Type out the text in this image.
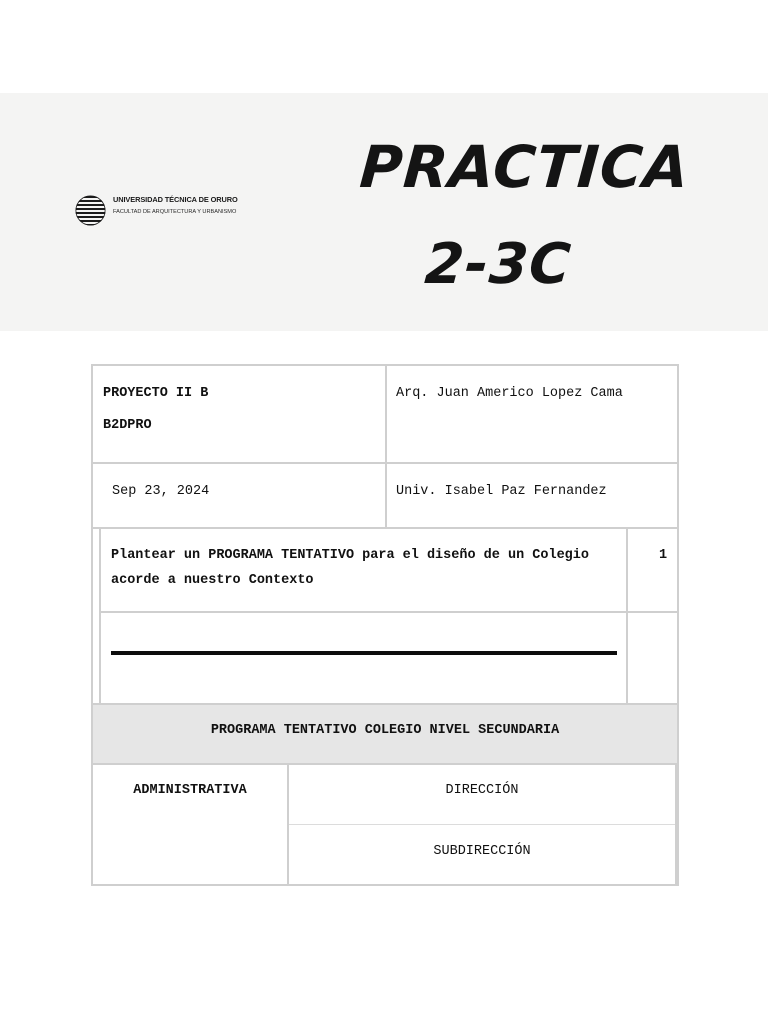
UNIVERSIDAD TÉCNICA DE ORURO
FACULTAD DE ARQUITECTURA Y URBANISMO
PRACTICA
2-3C
PROYECTO II B
B2DPRO
Arq. Juan Americo Lopez Cama
Sep 23, 2024	Univ. Isabel Paz Fernandez
Plantear un PROGRAMA TENTATIVO para el diseño de un Colegio acorde a nuestro Contexto
1
PROGRAMA TENTATIVO COLEGIO NIVEL SECUNDARIA
ADMINISTRATIVA	DIRECCIÓN
SUBDIRECCIÓN
